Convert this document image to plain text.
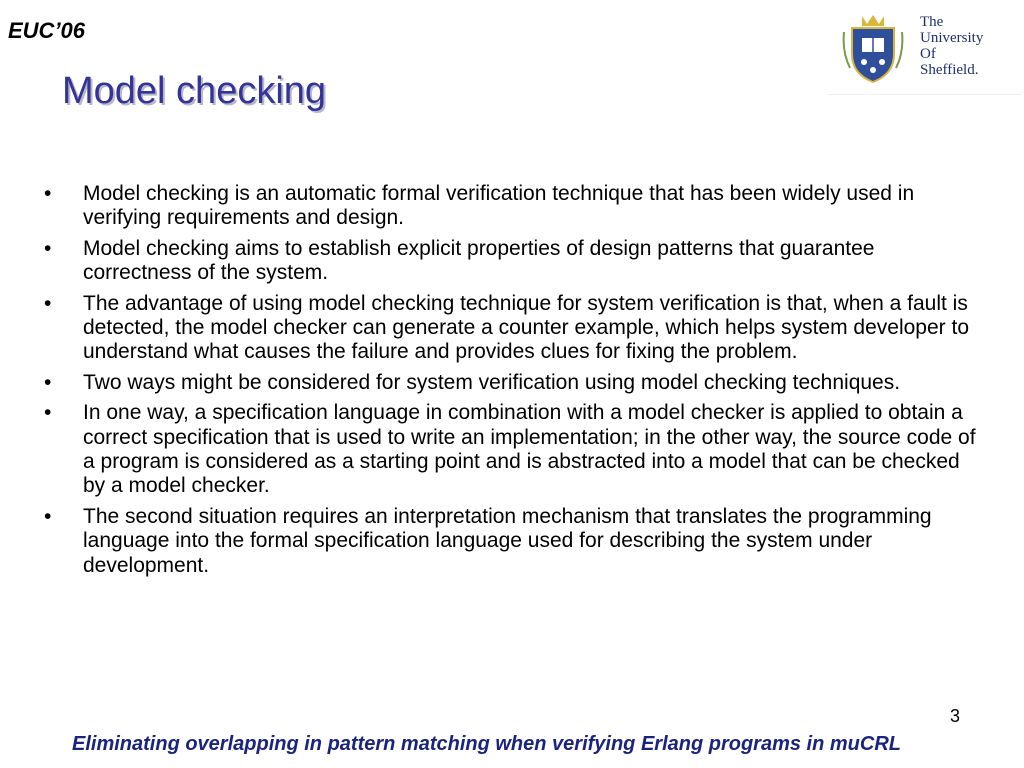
EUC’06
Model checking
The
University
Of
Sheffield.
• Model checking is an automatic formal verification technique that has been widely used in verifying requirements and design.
• Model checking aims to establish explicit properties of design patterns that guarantee correctness of the system.
• The advantage of using model checking technique for system verification is that, when a fault is detected, the model checker can generate a counter example, which helps system developer to understand what causes the failure and provides clues for fixing the problem.
• Two ways might be considered for system verification using model checking techniques.
• In one way, a specification language in combination with a model checker is applied to obtain a correct specification that is used to write an implementation; in the other way, the source code of a program is considered as a starting point and is abstracted into a model that can be checked by a model checker.
• The second situation requires an interpretation mechanism that translates the programming language into the formal specification language used for describing the system under development.
3
Eliminating overlapping in pattern matching when verifying Erlang programs in muCRL
